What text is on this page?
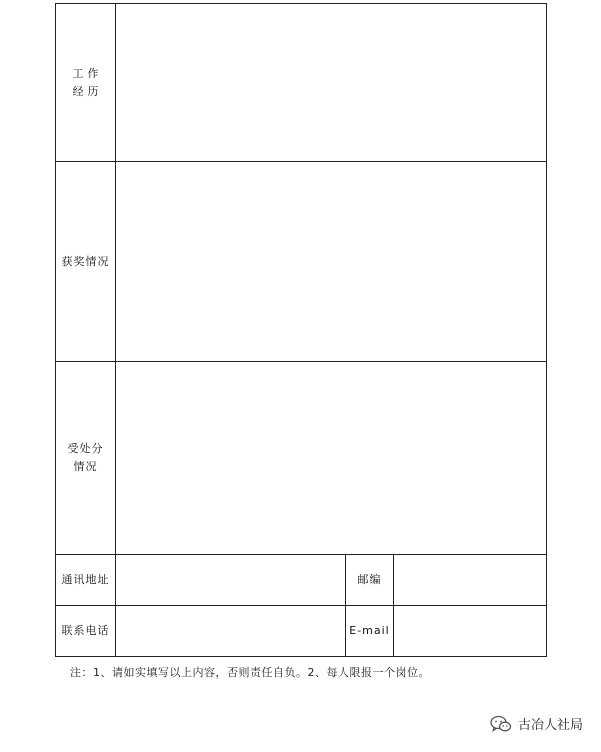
工作
经历			

获奖情况			

受处分
情况			

通讯地址		邮编	
联系电话		E-mail	
注：1、请如实填写以上内容，否则责任自负。2、每人限报一个岗位。
古冶人社局
